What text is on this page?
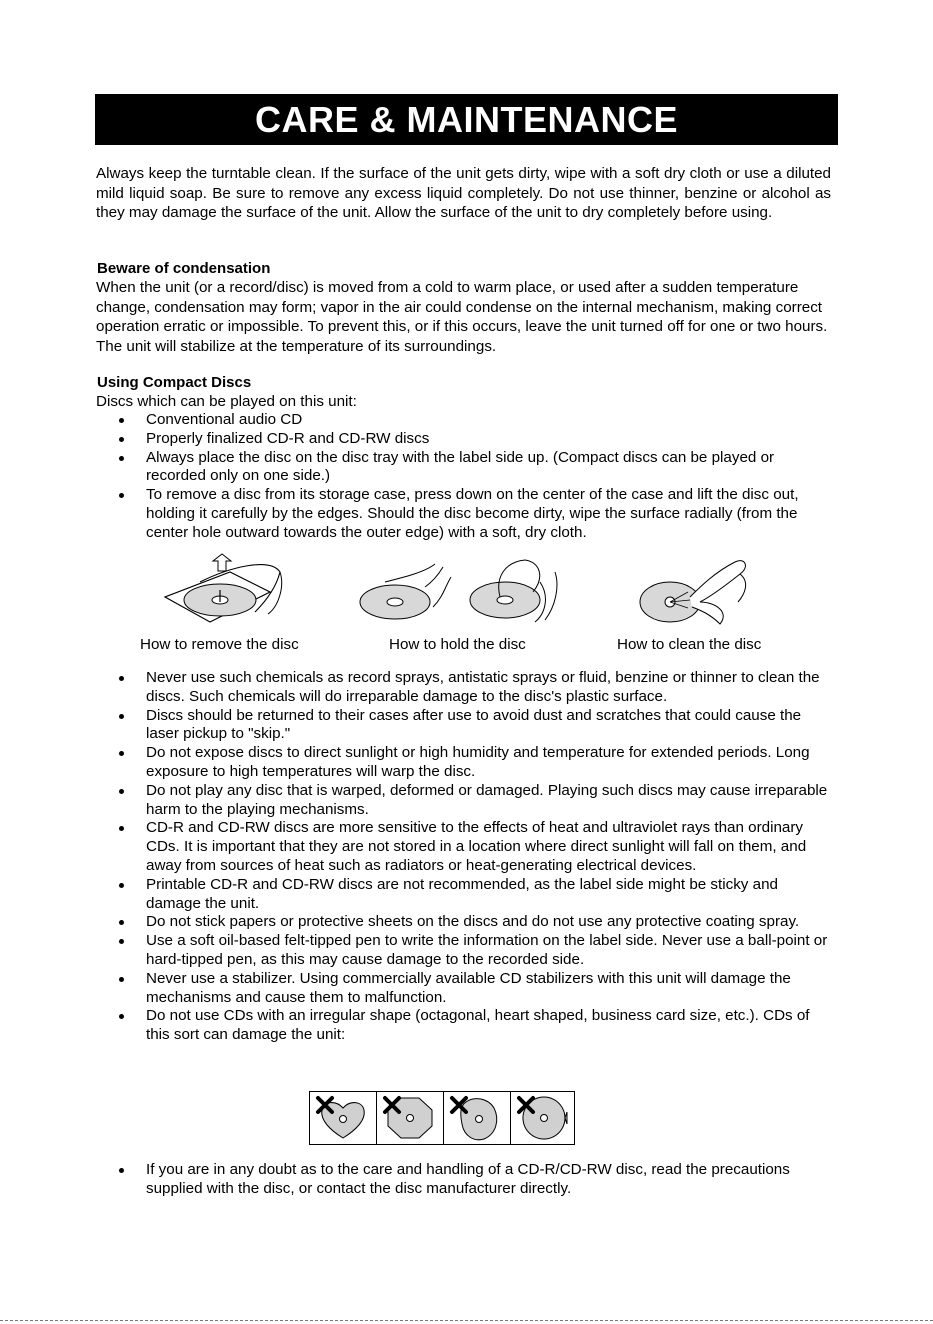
CARE & MAINTENANCE

Always keep the turntable clean. If the surface of the unit gets dirty, wipe with a soft dry cloth or use a diluted mild liquid soap. Be sure to remove any excess liquid completely. Do not use thinner, benzine or alcohol as they may damage the surface of the unit. Allow the surface of the unit to dry completely before using.

Beware of condensation

When the unit (or a record/disc) is moved from a cold to warm place, or used after a sudden temperature change, condensation may form; vapor in the air could condense on the internal mechanism, making correct operation erratic or impossible. To prevent this, or if this occurs, leave the unit turned off for one or two hours. The unit will stabilize at the temperature of its surroundings.

Using Compact Discs

Discs which can be played on this unit:

Conventional audio CD
Properly finalized CD-R and CD-RW discs
Always place the disc on the disc tray with the label side up. (Compact discs can be played or recorded only on one side.)
To remove a disc from its storage case, press down on the center of the case and lift the disc out, holding it carefully by the edges. Should the disc become dirty, wipe the surface radially (from the center hole outward towards the outer edge) with a soft, dry cloth.
How to remove the disc	How to hold the disc	How to clean the disc
Never use such chemicals as record sprays, antistatic sprays or fluid, benzine or thinner to clean the discs. Such chemicals will do irreparable damage to the disc's plastic surface.
Discs should be returned to their cases after use to avoid dust and scratches that could cause the laser pickup to "skip."
Do not expose discs to direct sunlight or high humidity and temperature for extended periods. Long exposure to high temperatures will warp the disc.
Do not play any disc that is warped, deformed or damaged. Playing such discs may cause irreparable harm to the playing mechanisms.
CD-R and CD-RW discs are more sensitive to the effects of heat and ultraviolet rays than ordinary CDs. It is important that they are not stored in a location where direct sunlight will fall on them, and away from sources of heat such as radiators or heat-generating electrical devices.
Printable CD-R and CD-RW discs are not recommended, as the label side might be sticky and damage the unit.
Do not stick papers or protective sheets on the discs and do not use any protective coating spray.
Use a soft oil-based felt-tipped pen to write the information on the label side. Never use a ball-point or hard-tipped pen, as this may cause damage to the recorded side.
Never use a stabilizer. Using commercially available CD stabilizers with this unit will damage the mechanisms and cause them to malfunction.
Do not use CDs with an irregular shape (octagonal, heart shaped, business card size, etc.). CDs of this sort can damage the unit:
If you are in any doubt as to the care and handling of a CD-R/CD-RW disc, read the precautions supplied with the disc, or contact the disc manufacturer directly.
